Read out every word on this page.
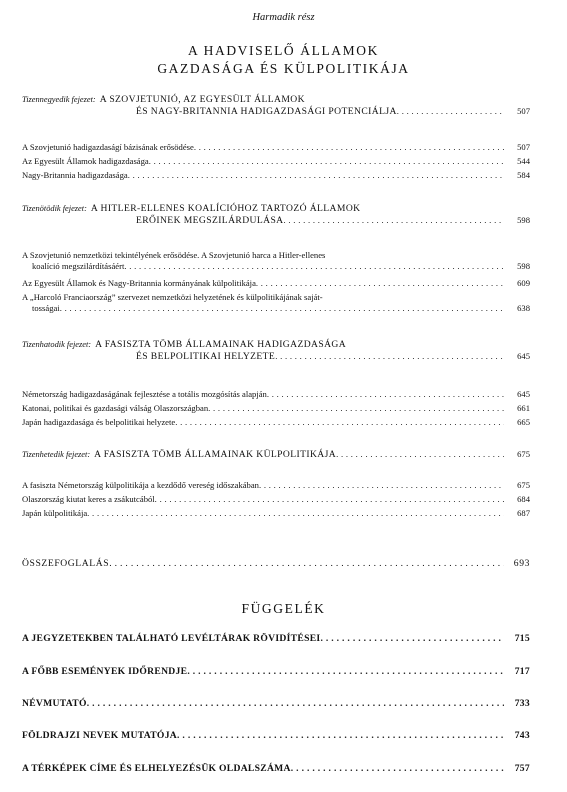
Harmadik rész
A HADVISELŐ ÁLLAMOK
GAZDASÁGA ÉS KÜLPOLITIKÁJA
Tizennegyedik fejezet: A SZOVJETUNIÓ, AZ EGYESÜLT ÁLLAMOK
ÉS NAGY-BRITANNIA HADIGAZDASÁGI POTENCIÁLJA . . .	507
A Szovjetunió hadigazdaságí bázisának erősödése . . .	507
Az Egyesült Államok hadigazdasága . . .	544
Nagy-Britannia hadigazdasága . . .	584
Tizenötödik fejezet: A HITLER-ELLENES KOALÍCIÓHOZ TARTOZÓ ÁLLAMOK
ERŐINEK MEGSZILÁRDULÁSA . . .	598
A Szovjetunió nemzetközi tekintélyének erősödése. A Szovjetunió harca a Hitler-ellenes
koalíció megszilárdításáért . . .	598
Az Egyesült Államok és Nagy-Britannia kormányának külpolitikája . . .	609
A „Harcoló Franciaország” szervezet nemzetközi helyzetének és külpolitikájának saját-
tosságai . . .	638
Tizenhatodik fejezet: A FASISZTA TÖMB ÁLLAMAINAK HADIGAZDASÁGA
ÉS BELPOLITIKAI HELYZETE . . .	645
Németország hadigazdaságának fejlesztése a totális mozgósítás alapján . . .	645
Katonai, politikai és gazdasági válság Olaszországban . . .	661
Japán hadigazdasága és belpolitikai helyzete . . .	665
Tizenhetedik fejezet: A FASISZTA TÖMB ÁLLAMAINAK KÜLPOLITIKÁJA . . .	675
A fasiszta Németország külpolitikája a kezdődő vereség időszakában . . .	675
Olaszország kiutat keres a zsákutcából . . .	684
Japán külpolitikája . . .	687
ÖSSZEFOGLALÁS . . .	693
FÜGGELÉK
A JEGYZETEKBEN TALÁLHATÓ LEVÉLTÁRAK RÖVIDÍTÉSEI . . .	715
A FŐBB ESEMÉNYEK IDŐRENDJE . . .	717
NÉVMUTATÓ . . .	733
FÖLDRAJZI NEVEK MUTATÓJA . . .	743
A TÉRKÉPEK CÍME ÉS ELHELYEZÉSÜK OLDALSZÁMA . . .	757
